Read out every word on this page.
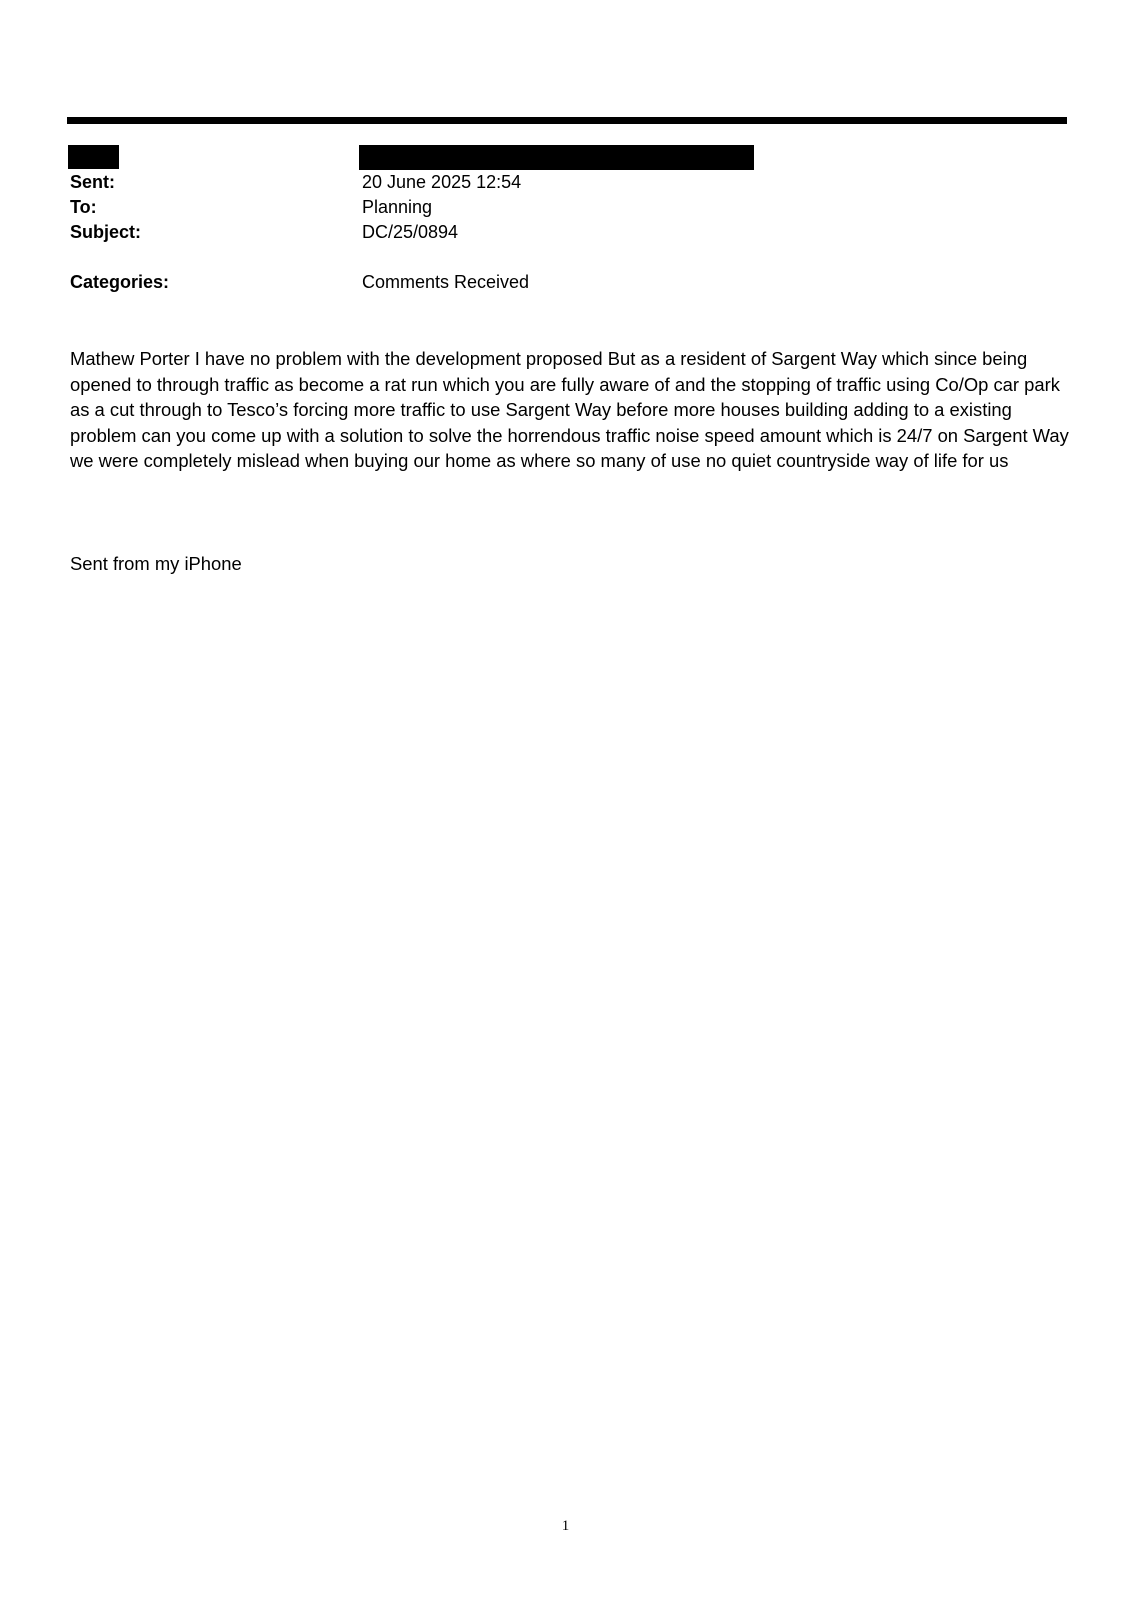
Sent:	20 June 2025 12:54
To:	Planning
Subject:	DC/25/0894
Categories:	Comments Received

Mathew Porter I have no problem with the development proposed But as a resident of Sargent Way which since being opened to through traffic as become a rat run which you are fully aware of and the stopping of traffic using Co/Op car park as a cut through to Tesco’s forcing more traffic to use Sargent Way before more houses building adding to a existing problem can you come up with a solution to solve the horrendous traffic noise speed amount which is 24/7 on Sargent Way we were completely mislead when buying our home as where so many of use no quiet countryside way of life for us

Sent from my iPhone

1
